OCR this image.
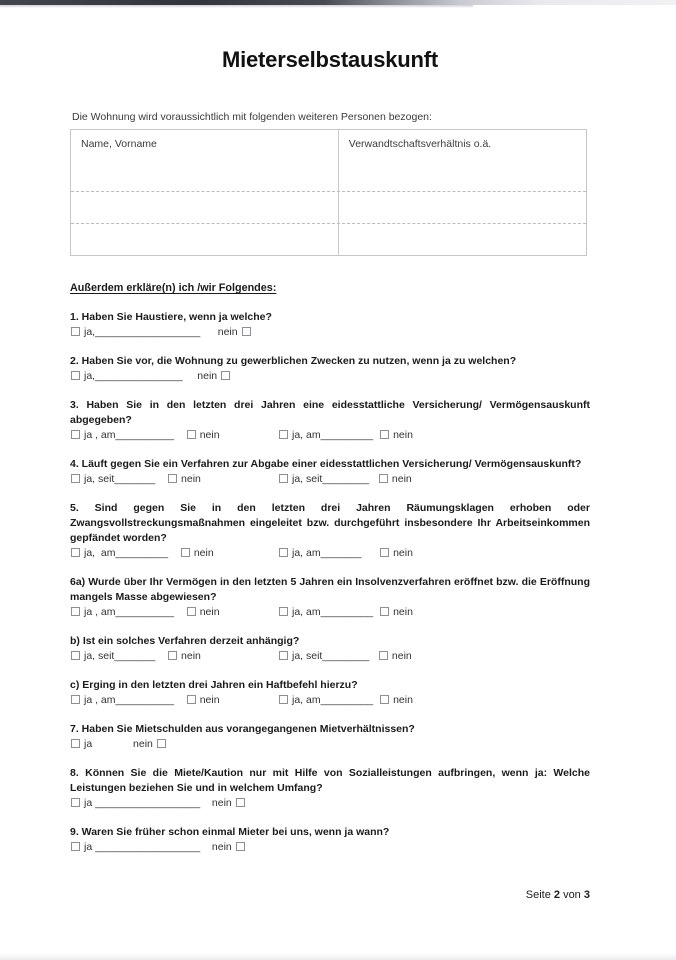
Mieterselbstauskunft

Die Wohnung wird voraussichtlich mit folgenden weiteren Personen bezogen:

Name, Vorname	Verwandtschaftsverhältnis o.ä.

Außerdem erkläre(n) ich /wir Folgendes:

1. Haben Sie Haustiere, wenn ja welche?

ja,__________________ nein

2. Haben Sie vor, die Wohnung zu gewerblichen Zwecken zu nutzen, wenn ja zu welchen?

ja,_______________ nein

3. Haben Sie in den letzten drei Jahren eine eidesstattliche Versicherung/ Vermögensauskunft abgegeben?

ja , am__________ nein	ja, am_________ nein

4. Läuft gegen Sie ein Verfahren zur Abgabe einer eidesstattlichen Versicherung/ Vermögensauskunft?

ja, seit_______ nein	ja, seit________ nein

5. Sind gegen Sie in den letzten drei Jahren Räumungsklagen erhoben oder Zwangsvollstreckungsmaßnahmen eingeleitet bzw. durchgeführt insbesondere Ihr Arbeitseinkommen gepfändet worden?

ja,  am_________ nein	ja, am_______	nein

6a) Wurde über Ihr Vermögen in den letzten 5 Jahren ein Insolvenzverfahren eröffnet bzw. die Eröffnung mangels Masse abgewiesen?

ja , am__________ nein	ja, am_________ nein

b) Ist ein solches Verfahren derzeit anhängig?

ja, seit_______ nein	ja, seit________ nein

c) Erging in den letzten drei Jahren ein Haftbefehl hierzu?

ja , am__________ nein	ja, am_________ nein

7. Haben Sie Mietschulden aus vorangegangenen Mietverhältnissen?

ja	nein

8. Können Sie die Miete/Kaution nur mit Hilfe von Sozialleistungen aufbringen, wenn ja: Welche Leistungen beziehen Sie und in welchem Umfang?

ja __________________ nein

9. Waren Sie früher schon einmal Mieter bei uns, wenn ja wann?

ja __________________ nein
Seite 2 von 3
